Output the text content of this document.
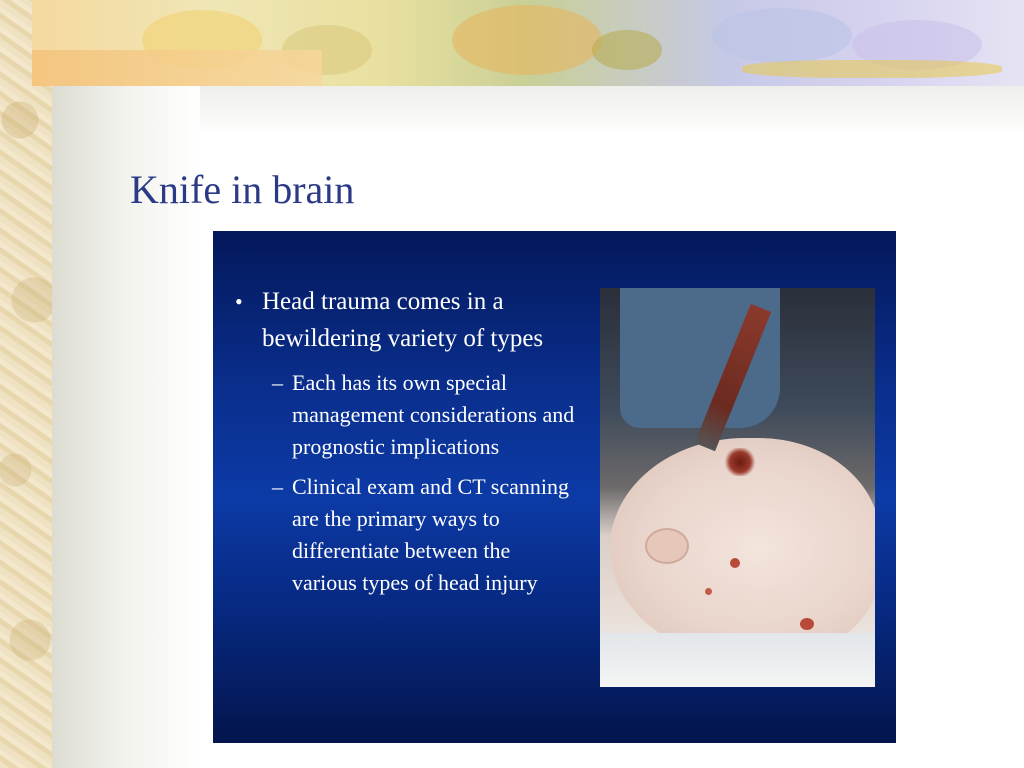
Knife in brain

• Head trauma comes in a bewildering variety of types

– Each has its own special management considerations and prognostic implications

– Clinical exam and CT scanning are the primary ways to differentiate between the various types of head injury
